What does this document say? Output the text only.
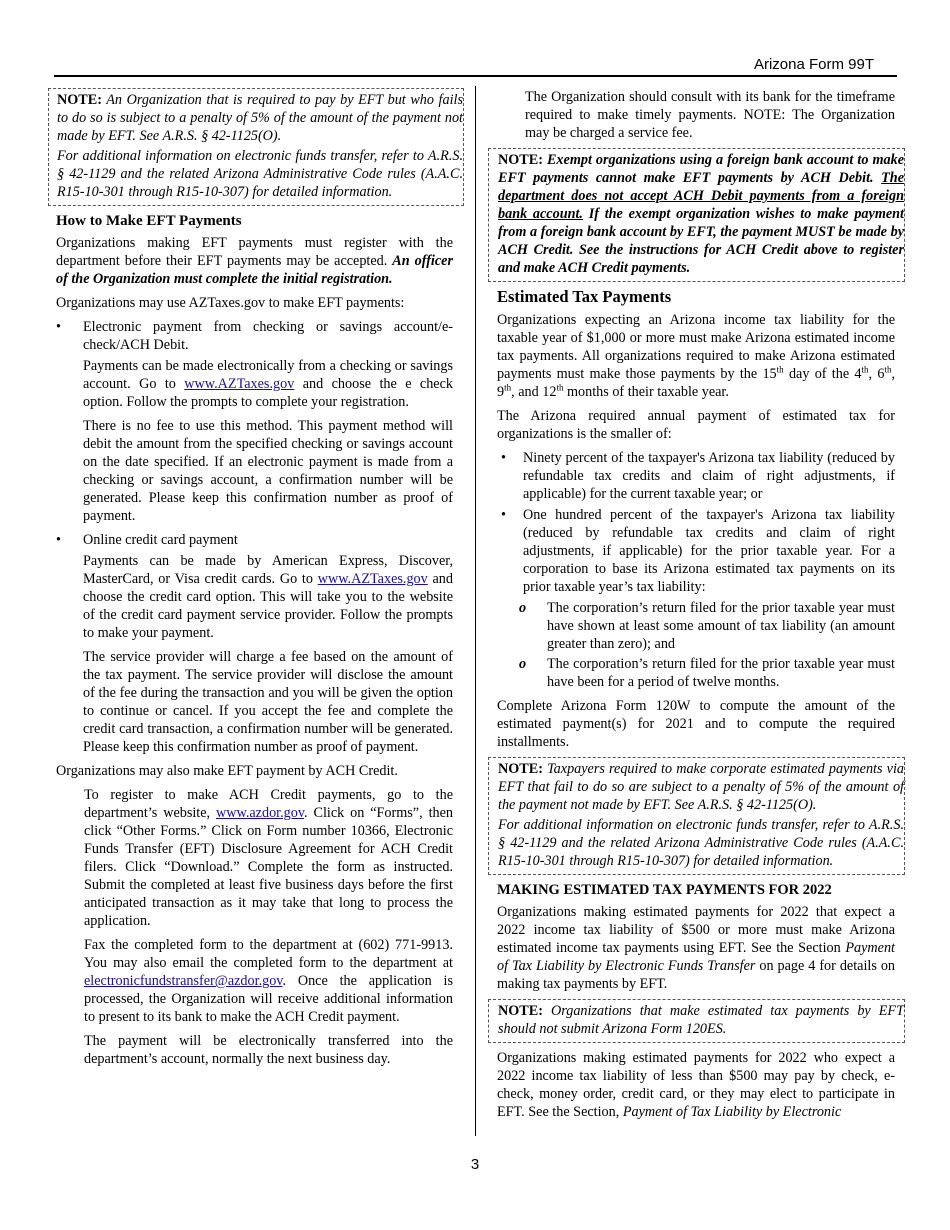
Arizona Form 99T

NOTE: An Organization that is required to pay by EFT but who fails to do so is subject to a penalty of 5% of the amount of the payment not made by EFT. See A.R.S. § 42-1125(O).

For additional information on electronic funds transfer, refer to A.R.S. § 42-1129 and the related Arizona Administrative Code rules (A.A.C. R15-10-301 through R15-10-307) for detailed information.

How to Make EFT Payments

Organizations making EFT payments must register with the department before their EFT payments may be accepted. An officer of the Organization must complete the initial registration.

Organizations may use AZTaxes.gov to make EFT payments:

•	Electronic payment from checking or savings account/e-check/ACH Debit.

Payments can be made electronically from a checking or savings account. Go to www.AZTaxes.gov and choose the e check option. Follow the prompts to complete your registration.

There is no fee to use this method. This payment method will debit the amount from the specified checking or savings account on the date specified. If an electronic payment is made from a checking or savings account, a confirmation number will be generated. Please keep this confirmation number as proof of payment.

•	Online credit card payment

Payments can be made by American Express, Discover, MasterCard, or Visa credit cards. Go to www.AZTaxes.gov and choose the credit card option. This will take you to the website of the credit card payment service provider. Follow the prompts to make your payment.

The service provider will charge a fee based on the amount of the tax payment. The service provider will disclose the amount of the fee during the transaction and you will be given the option to continue or cancel. If you accept the fee and complete the credit card transaction, a confirmation number will be generated. Please keep this confirmation number as proof of payment.

Organizations may also make EFT payment by ACH Credit.

To register to make ACH Credit payments, go to the department’s website, www.azdor.gov. Click on “Forms”, then click “Other Forms.” Click on Form number 10366, Electronic Funds Transfer (EFT) Disclosure Agreement for ACH Credit filers. Click “Download.” Complete the form as instructed. Submit the completed at least five business days before the first anticipated transaction as it may take that long to process the application.

Fax the completed form to the department at (602) 771-9913. You may also email the completed form to the department at electronicfundstransfer@azdor.gov. Once the application is processed, the Organization will receive additional information to present to its bank to make the ACH Credit payment.

The payment will be electronically transferred into the department’s account, normally the next business day.

The Organization should consult with its bank for the timeframe required to make timely payments. NOTE: The Organization may be charged a service fee.

NOTE: Exempt organizations using a foreign bank account to make EFT payments cannot make EFT payments by ACH Debit. The department does not accept ACH Debit payments from a foreign bank account. If the exempt organization wishes to make payment from a foreign bank account by EFT, the payment MUST be made by ACH Credit. See the instructions for ACH Credit above to register and make ACH Credit payments.

Estimated Tax Payments

Organizations expecting an Arizona income tax liability for the taxable year of $1,000 or more must make Arizona estimated income tax payments. All organizations required to make Arizona estimated payments must make those payments by the 15th day of the 4th, 6th, 9th, and 12th months of their taxable year.

The Arizona required annual payment of estimated tax for organizations is the smaller of:

•	Ninety percent of the taxpayer's Arizona tax liability (reduced by refundable tax credits and claim of right adjustments, if applicable) for the current taxable year; or
•	One hundred percent of the taxpayer's Arizona tax liability (reduced by refundable tax credits and claim of right adjustments, if applicable) for the prior taxable year. For a corporation to base its Arizona estimated tax payments on its prior taxable year’s tax liability:
o	The corporation’s return filed for the prior taxable year must have shown at least some amount of tax liability (an amount greater than zero); and
o	The corporation’s return filed for the prior taxable year must have been for a period of twelve months.

Complete Arizona Form 120W to compute the amount of the estimated payment(s) for 2021 and to compute the required installments.

NOTE: Taxpayers required to make corporate estimated payments via EFT that fail to do so are subject to a penalty of 5% of the amount of the payment not made by EFT. See A.R.S. § 42-1125(O).

For additional information on electronic funds transfer, refer to A.R.S. § 42-1129 and the related Arizona Administrative Code rules (A.A.C. R15-10-301 through R15-10-307) for detailed information.

MAKING ESTIMATED TAX PAYMENTS FOR 2022

Organizations making estimated payments for 2022 that expect a 2022 income tax liability of $500 or more must make Arizona estimated income tax payments using EFT. See the Section Payment of Tax Liability by Electronic Funds Transfer on page 4 for details on making tax payments by EFT.

NOTE: Organizations that make estimated tax payments by EFT should not submit Arizona Form 120ES.

Organizations making estimated payments for 2022 who expect a 2022 income tax liability of less than $500 may pay by check, e-check, money order, credit card, or they may elect to participate in EFT. See the Section, Payment of Tax Liability by Electronic

3
